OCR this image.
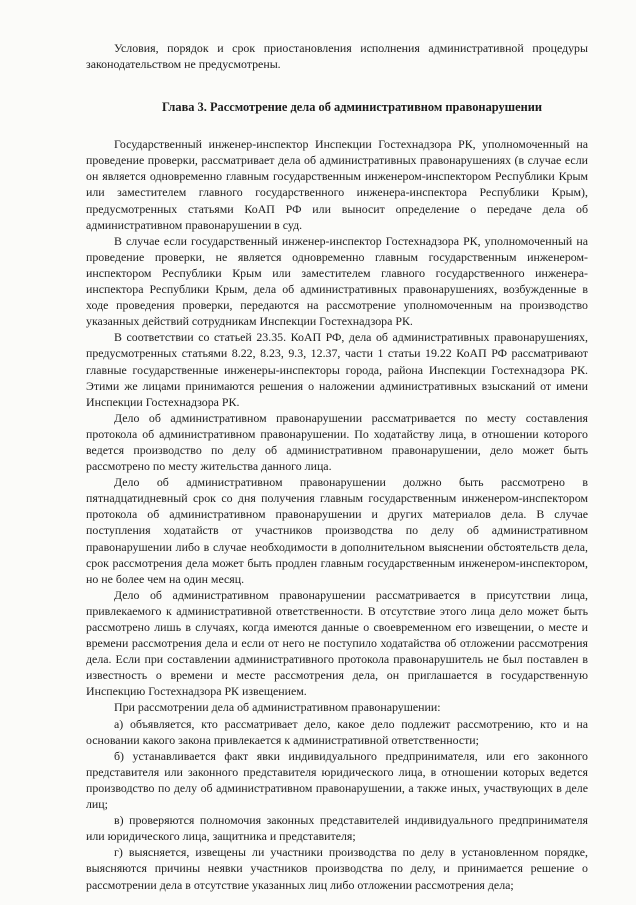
Условия, порядок и срок приостановления исполнения административной процедуры законодательством не предусмотрены.

Глава 3. Рассмотрение дела об административном правонарушении

Государственный инженер-инспектор Инспекции Гостехнадзора РК, уполномоченный на проведение проверки, рассматривает дела об административных правонарушениях (в случае если он является одновременно главным государственным инженером-инспектором Республики Крым или заместителем главного государственного инженера-инспектора Республики Крым), предусмотренных статьями КоАП РФ или выносит определение о передаче дела об административном правонарушении в суд.

В случае если государственный инженер-инспектор Гостехнадзора РК, уполномоченный на проведение проверки, не является одновременно главным государственным инженером-инспектором Республики Крым или заместителем главного государственного инженера-инспектора Республики Крым, дела об административных правонарушениях, возбужденные в ходе проведения проверки, передаются на рассмотрение уполномоченным на производство указанных действий сотрудникам Инспекции Гостехнадзора РК.

В соответствии со статьей 23.35. КоАП РФ, дела об административных правонарушениях, предусмотренных статьями 8.22, 8.23, 9.3, 12.37, части 1 статьи 19.22 КоАП РФ рассматривают главные государственные инженеры-инспекторы города, района Инспекции Гостехнадзора РК. Этими же лицами принимаются решения о наложении административных взысканий от имени Инспекции Гостехнадзора РК.

Дело об административном правонарушении рассматривается по месту составления протокола об административном правонарушении. По ходатайству лица, в отношении которого ведется производство по делу об административном правонарушении, дело может быть рассмотрено по месту жительства данного лица.

Дело об административном правонарушении должно быть рассмотрено в пятнадцатидневный срок со дня получения главным государственным инженером-инспектором протокола об административном правонарушении и других материалов дела. В случае поступления ходатайств от участников производства по делу об административном правонарушении либо в случае необходимости в дополнительном выяснении обстоятельств дела, срок рассмотрения дела может быть продлен главным государственным инженером-инспектором, но не более чем на один месяц.

Дело об административном правонарушении рассматривается в присутствии лица, привлекаемого к административной ответственности. В отсутствие этого лица дело может быть рассмотрено лишь в случаях, когда имеются данные о своевременном его извещении, о месте и времени рассмотрения дела и если от него не поступило ходатайства об отложении рассмотрения дела. Если при составлении административного протокола правонарушитель не был поставлен в известность о времени и месте рассмотрения дела, он приглашается в государственную Инспекцию Гостехнадзора РК извещением.

При рассмотрении дела об административном правонарушении:

а) объявляется, кто рассматривает дело, какое дело подлежит рассмотрению, кто и на основании какого закона привлекается к административной ответственности;

б) устанавливается факт явки индивидуального предпринимателя, или его законного представителя или законного представителя юридического лица, в отношении которых ведется производство по делу об административном правонарушении, а также иных, участвующих в деле лиц;

в) проверяются полномочия законных представителей индивидуального предпринимателя или юридического лица, защитника и представителя;

г) выясняется, извещены ли участники производства по делу в установленном порядке, выясняются причины неявки участников производства по делу, и принимается решение о рассмотрении дела в отсутствие указанных лиц либо отложении рассмотрения дела;
